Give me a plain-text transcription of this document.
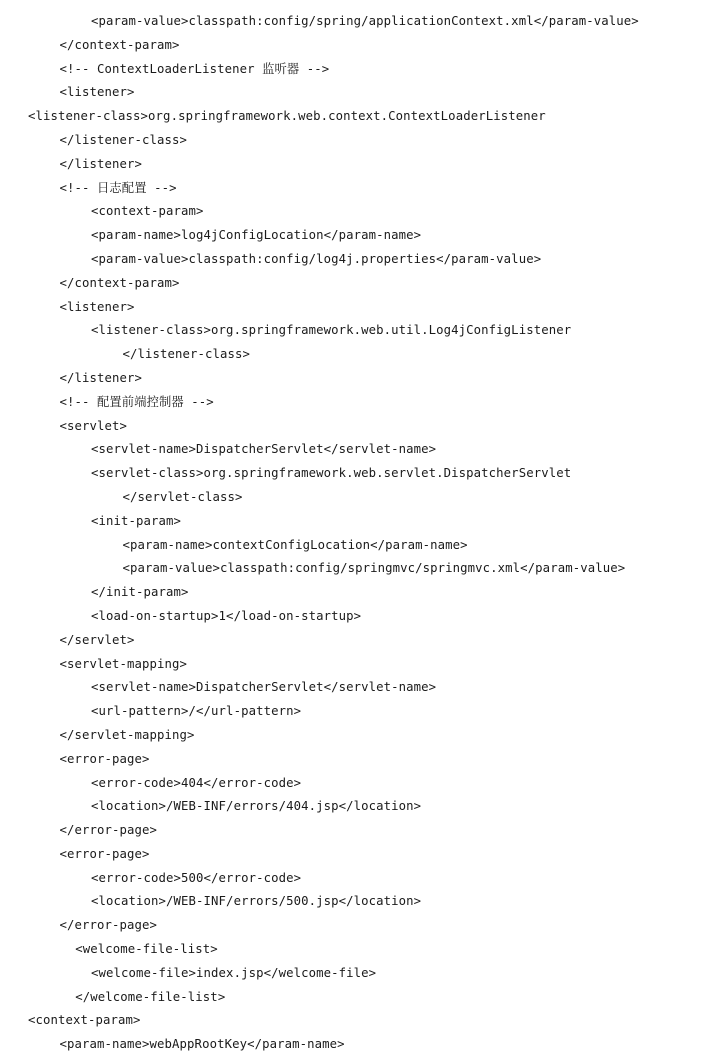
<param-value>classpath:config/spring/applicationContext.xml</param-value>
</context-param>
<!-- ContextLoaderListener 监听器 -->
<listener>
<listener-class>org.springframework.web.context.ContextLoaderListener
</listener-class>
</listener>
<!-- 日志配置 -->
<context-param>
<param-name>log4jConfigLocation</param-name>
<param-value>classpath:config/log4j.properties</param-value>
</context-param>
<listener>
<listener-class>org.springframework.web.util.Log4jConfigListener
</listener-class>
</listener>
<!-- 配置前端控制器 -->
<servlet>
<servlet-name>DispatcherServlet</servlet-name>
<servlet-class>org.springframework.web.servlet.DispatcherServlet
</servlet-class>
<init-param>
<param-name>contextConfigLocation</param-name>
<param-value>classpath:config/springmvc/springmvc.xml</param-value>
</init-param>
<load-on-startup>1</load-on-startup>
</servlet>
<servlet-mapping>
<servlet-name>DispatcherServlet</servlet-name>
<url-pattern>/</url-pattern>
</servlet-mapping>
<error-page>
<error-code>404</error-code>
<location>/WEB-INF/errors/404.jsp</location>
</error-page>
<error-page>
<error-code>500</error-code>
<location>/WEB-INF/errors/500.jsp</location>
</error-page>
<welcome-file-list>
<welcome-file>index.jsp</welcome-file>
</welcome-file-list>
<context-param>
<param-name>webAppRootKey</param-name>
